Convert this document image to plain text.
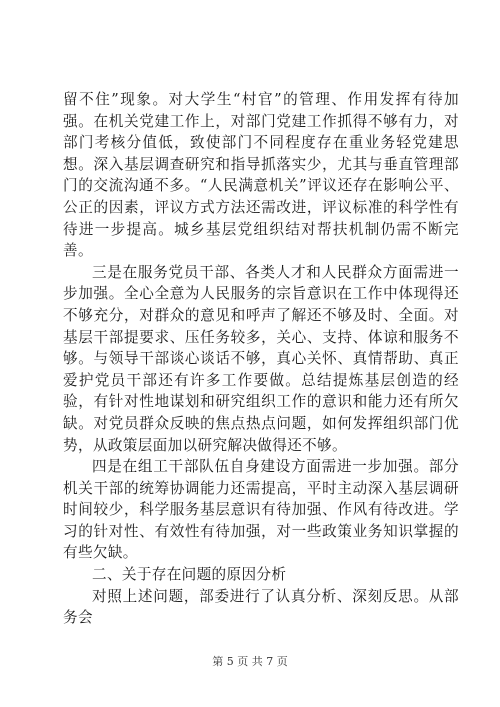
留不住”现象。对大学生“村官”的管理、作用发挥有待加强。在机关党建工作上，对部门党建工作抓得不够有力，对部门考核分值低，致使部门不同程度存在重业务轻党建思想。深入基层调查研究和指导抓落实少，尤其与垂直管理部门的交流沟通不多。“人民满意机关”评议还存在影响公平、公正的因素，评议方式方法还需改进，评议标准的科学性有待进一步提高。城乡基层党组织结对帮扶机制仍需不断完善。

三是在服务党员干部、各类人才和人民群众方面需进一步加强。全心全意为人民服务的宗旨意识在工作中体现得还不够充分，对群众的意见和呼声了解还不够及时、全面。对基层干部提要求、压任务较多，关心、支持、体谅和服务不够。与领导干部谈心谈话不够，真心关怀、真情帮助、真正爱护党员干部还有许多工作要做。总结提炼基层创造的经验，有针对性地谋划和研究组织工作的意识和能力还有所欠缺。对党员群众反映的焦点热点问题，如何发挥组织部门优势，从政策层面加以研究解决做得还不够。

四是在组工干部队伍自身建设方面需进一步加强。部分机关干部的统筹协调能力还需提高，平时主动深入基层调研时间较少，科学服务基层意识有待加强、作风有待改进。学习的针对性、有效性有待加强，对一些政策业务知识掌握的有些欠缺。

二、关于存在问题的原因分析

对照上述问题，部委进行了认真分析、深刻反思。从部务会

第 5 页 共 7 页
